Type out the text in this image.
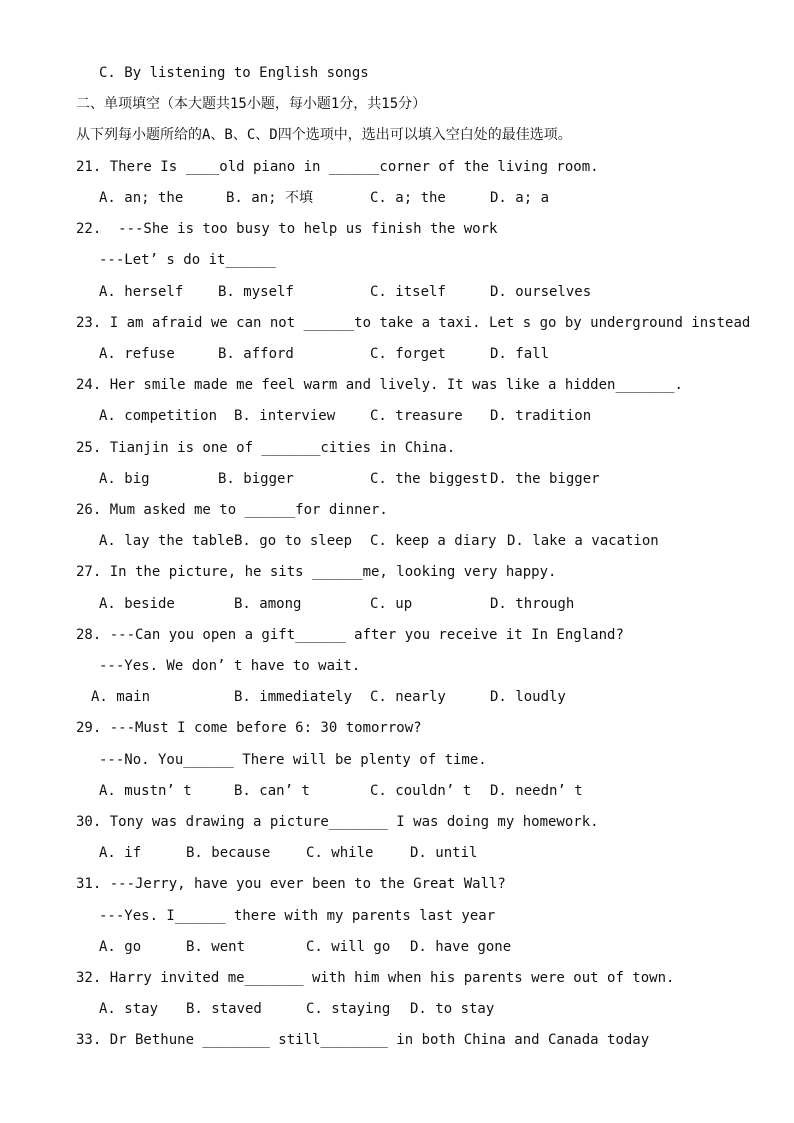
C. By listening to English songs
二、单项填空（本大题共15小题，每小题1分，共15分）
从下列每小题所给的A、B、C、D四个选项中，选出可以填入空白处的最佳选项。
21. There Is ____old piano in ______corner of the living room.
A. an; the	B. an; 不填	C. a; the	D. a; a
22.  ---She is too busy to help us finish the work
---Let’ s do it______
A. herself B. myself	C. itself	D. ourselves
23. I am afraid we can not ______to take a taxi. Let s go by underground instead
A. refuse	B. afford	C. forget	D. fall
24. Her smile made me feel warm and lively. It was like a hidden_______.
A. competition B. interview C. treasure D. tradition
25. Tianjin is one of _______cities in China.
A. big	B. bigger	C. the biggest D. the bigger
26. Mum asked me to ______for dinner.
A. lay the table B. go to sleep C. keep a diary D. lake a vacation
27. In the picture, he sits ______me, looking very happy.
A. beside	B. among	C. up	D. through
28. ---Can you open a gift______ after you receive it In England?
---Yes. We don’ t have to wait.
A. main	B. immediately C. nearly	D. loudly
29. ---Must I come before 6: 30 tomorrow?
---No. You______ There will be plenty of time.
A. mustn’ t	B. can’ t	C. couldn’ t D. needn’ t
30. Tony was drawing a picture_______ I was doing my homework.
A. if	B. because	C. while	D. until
31. ---Jerry, have you ever been to the Great Wall?
---Yes. I______ there with my parents last year
A. go	B. went	C. will go D. have gone
32. Harry invited me_______ with him when his parents were out of town.
A. stay B. staved	C. staying D. to stay
33. Dr Bethune ________ still________ in both China and Canada today
